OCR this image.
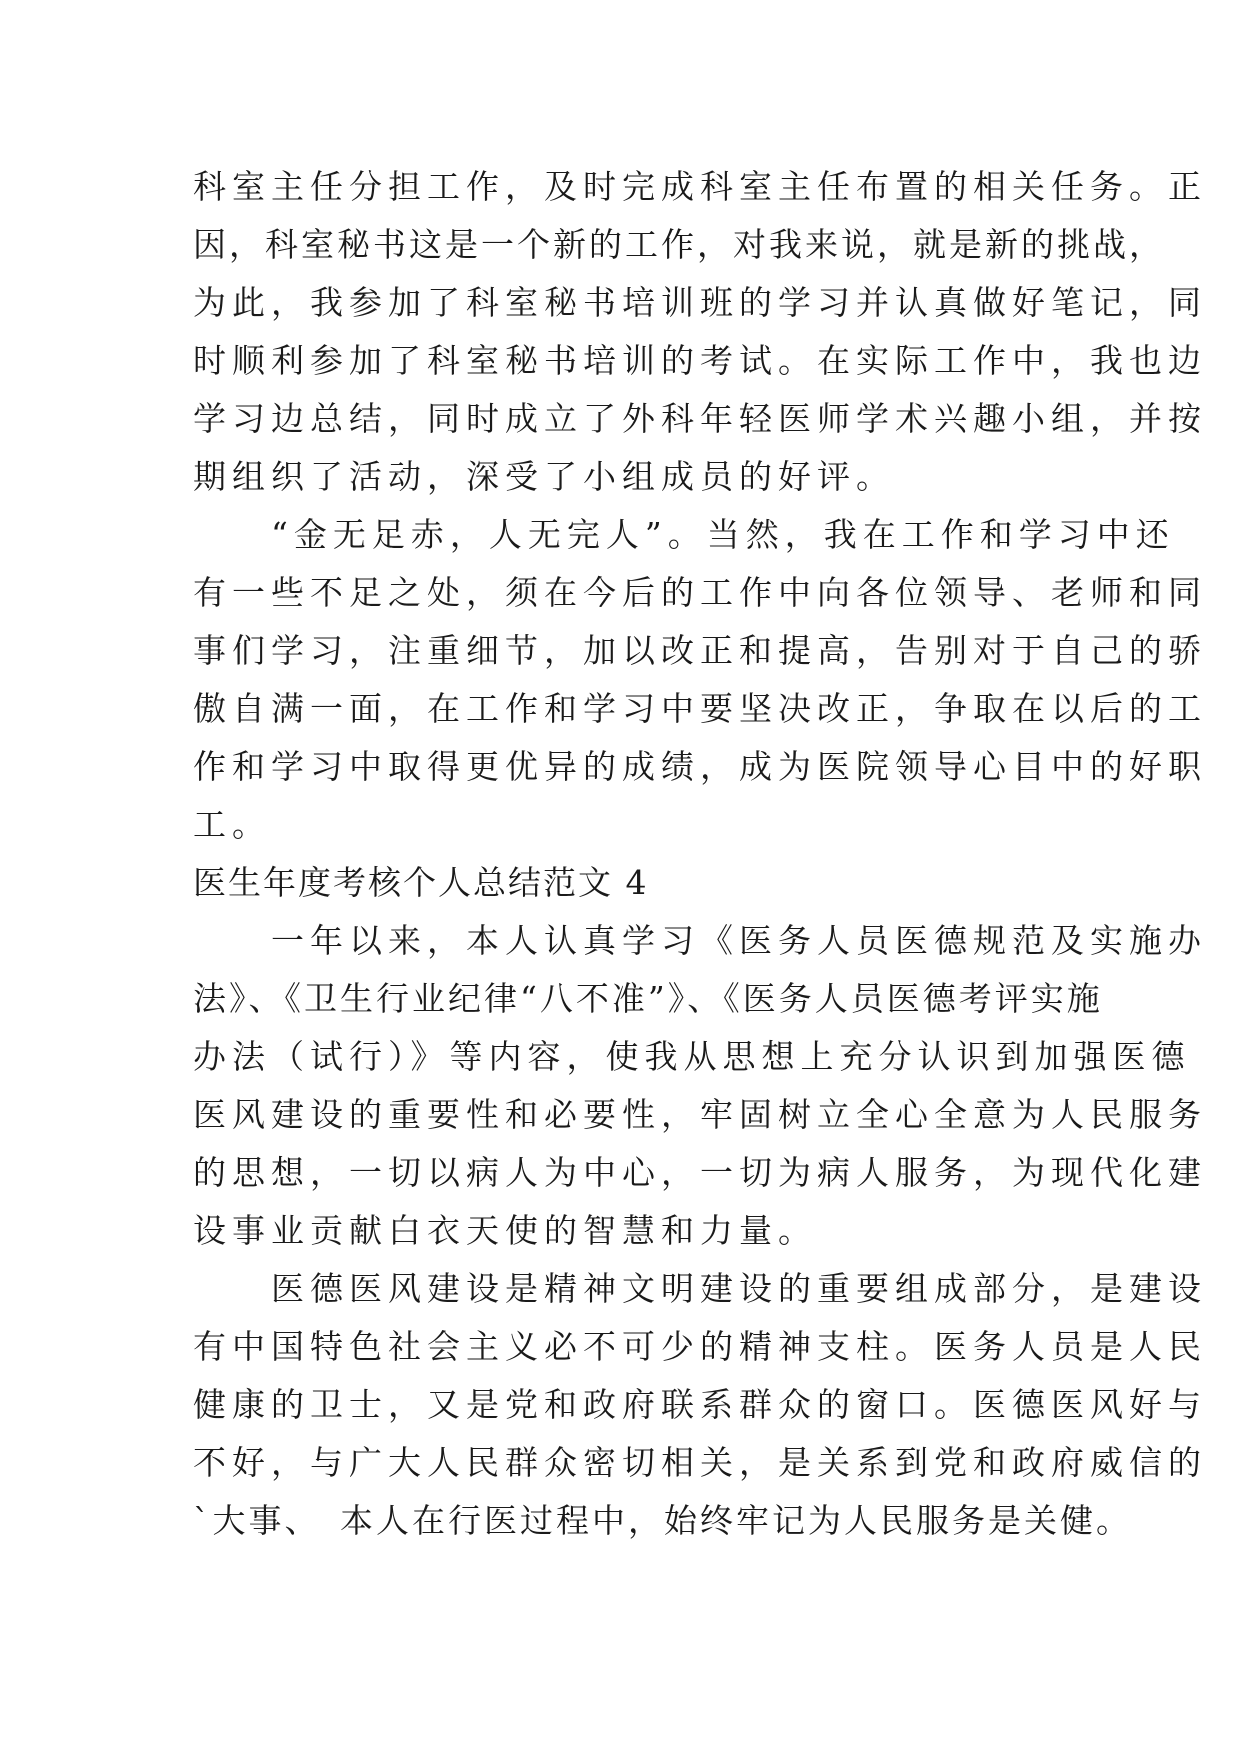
科室主任分担工作，及时完成科室主任布置的相关任务。正
因，科室秘书这是一个新的工作，对我来说，就是新的挑战，
为此，我参加了科室秘书培训班的学习并认真做好笔记，同
时顺利参加了科室秘书培训的考试。在实际工作中，我也边
学习边总结，同时成立了外科年轻医师学术兴趣小组，并按
期组织了活动，深受了小组成员的好评。
　　“金无足赤，人无完人”。当然，我在工作和学习中还
有一些不足之处，须在今后的工作中向各位领导、老师和同
事们学习，注重细节，加以改正和提高，告别对于自己的骄
傲自满一面，在工作和学习中要坚决改正，争取在以后的工
作和学习中取得更优异的成绩，成为医院领导心目中的好职
工。
医生年度考核个人总结范文 4
　　一年以来，本人认真学习《医务人员医德规范及实施办
法》、《卫生行业纪律“八不准”》、《医务人员医德考评实施
办法（试行）》等内容，使我从思想上充分认识到加强医德
医风建设的重要性和必要性，牢固树立全心全意为人民服务
的思想，一切以病人为中心，一切为病人服务，为现代化建
设事业贡献白衣天使的智慧和力量。
　　医德医风建设是精神文明建设的重要组成部分，是建设
有中国特色社会主义必不可少的精神支柱。医务人员是人民
健康的卫士，又是党和政府联系群众的窗口。医德医风好与
不好，与广大人民群众密切相关，是关系到党和政府威信的
`大事、　本人在行医过程中，始终牢记为人民服务是关健。
